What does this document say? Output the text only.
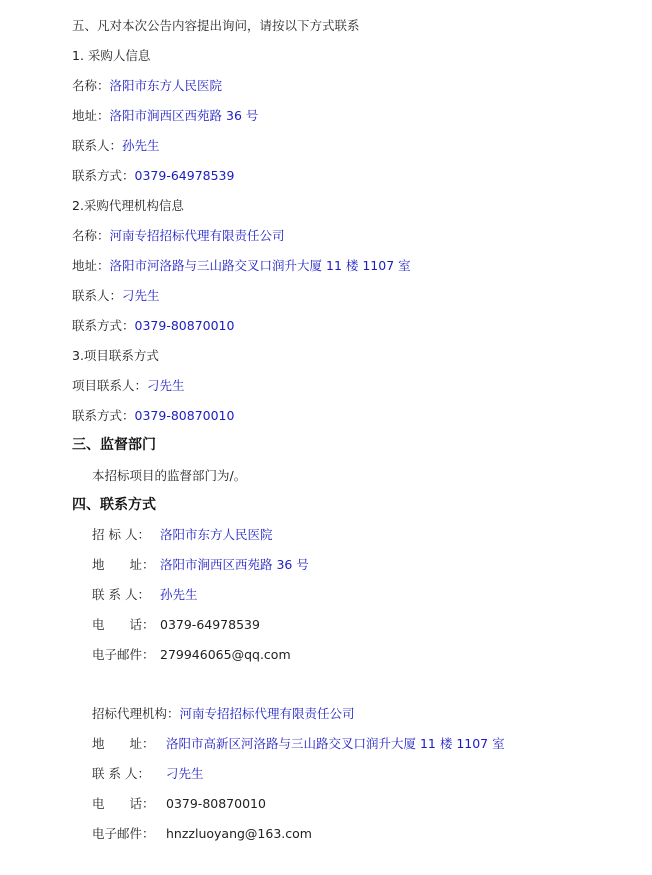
五、凡对本次公告内容提出询问，请按以下方式联系
1. 采购人信息
名称：洛阳市东方人民医院
地址：洛阳市涧西区西苑路 36 号
联系人：孙先生
联系方式：0379-64978539
2.采购代理机构信息
名称：河南专招招标代理有限责任公司
地址：洛阳市河洛路与三山路交叉口润升大厦 11 楼 1107 室
联系人：刁先生
联系方式：0379-80870010
3.项目联系方式
项目联系人：刁先生
联系方式：0379-80870010
三、监督部门
本招标项目的监督部门为/。
四、联系方式
招 标 人： 洛阳市东方人民医院
地　　址： 洛阳市涧西区西苑路 36 号
联 系 人： 孙先生
电　　话： 0379-64978539
电子邮件： 279946065@qq.com
招标代理机构：河南专招招标代理有限责任公司
地　　址： 洛阳市高新区河洛路与三山路交叉口润升大厦 11 楼 1107 室
联 系 人： 刁先生
电　　话： 0379-80870010
电子邮件： hnzzluoyang@163.com
